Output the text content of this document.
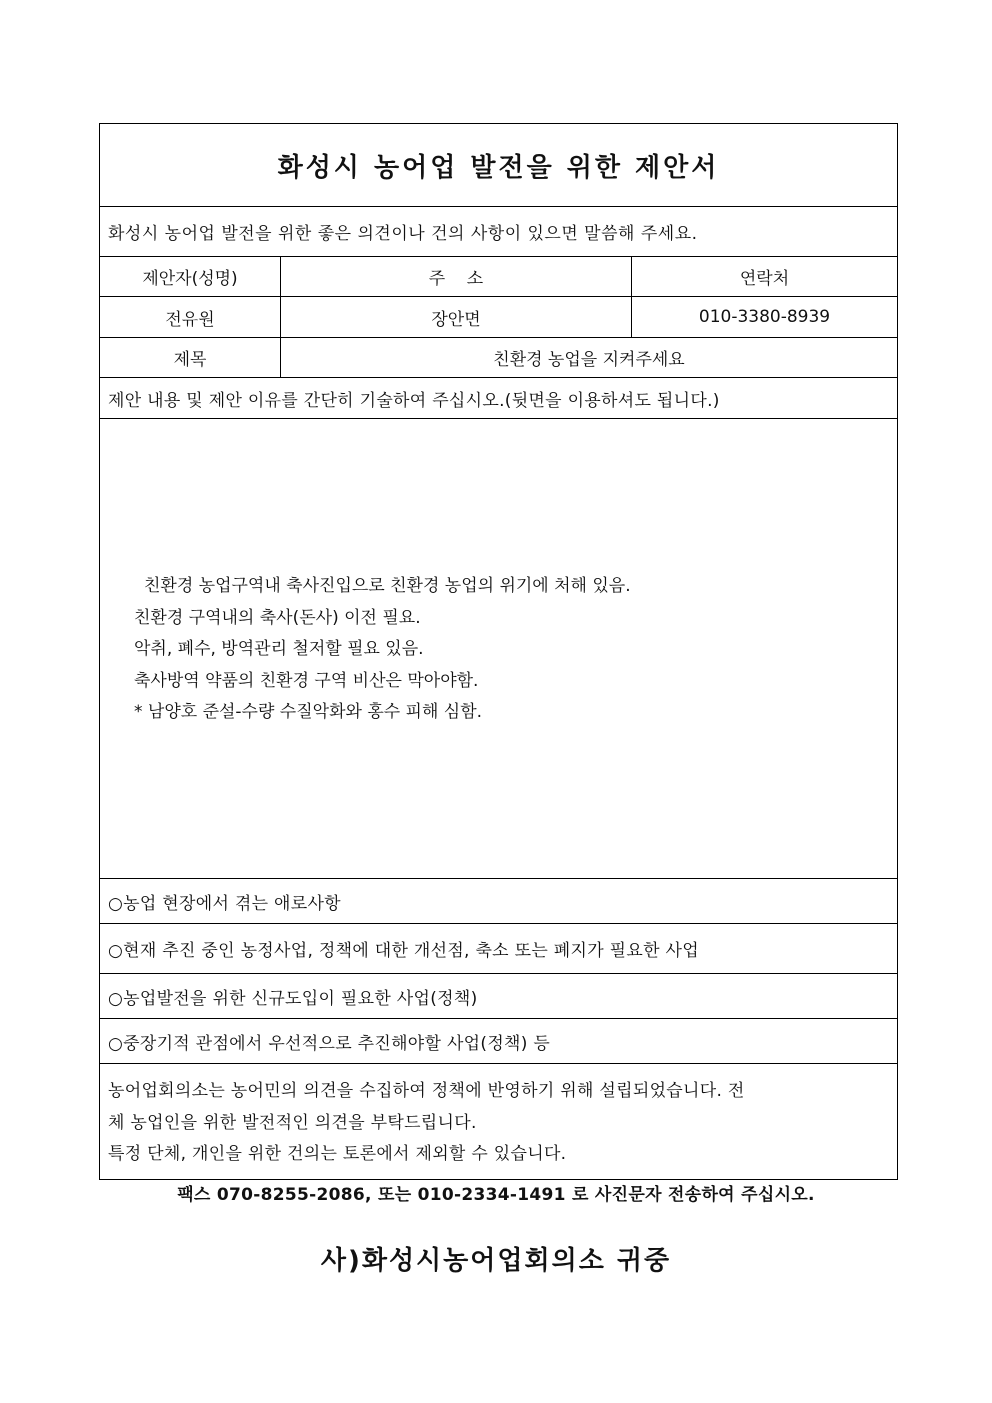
화성시 농어업 발전을 위한 제안서
화성시 농어업 발전을 위한 좋은 의견이나 건의 사항이 있으면 말씀해 주세요.
제안자(성명)	주    소	연락처
전유원	장안면	010-3380-8939
제목	친환경 농업을 지켜주세요
제안 내용 및 제안 이유를 간단히 기술하여 주십시오.(뒷면을 이용하셔도 됩니다.)
친환경 농업구역내 축사진입으로 친환경 농업의 위기에 처해 있음.
친환경 구역내의 축사(돈사) 이전 필요.
악취, 폐수, 방역관리 철저할 필요 있음.
축사방역 약품의 친환경 구역 비산은 막아야함.
* 남양호 준설-수량 수질악화와 홍수 피해 심함.
○농업 현장에서 겪는 애로사항
○현재 추진 중인 농정사업, 정책에 대한 개선점, 축소 또는 폐지가 필요한 사업
○농업발전을 위한 신규도입이 필요한 사업(정책)
○중장기적 관점에서 우선적으로 추진해야할 사업(정책) 등
농어업회의소는 농어민의 의견을 수집하여 정책에 반영하기 위해 설립되었습니다. 전
체 농업인을 위한 발전적인 의견을 부탁드립니다.
특정 단체, 개인을 위한 건의는 토론에서 제외할 수 있습니다.
팩스 070-8255-2086, 또는 010-2334-1491 로 사진문자 전송하여 주십시오.
사)화성시농어업회의소 귀중
